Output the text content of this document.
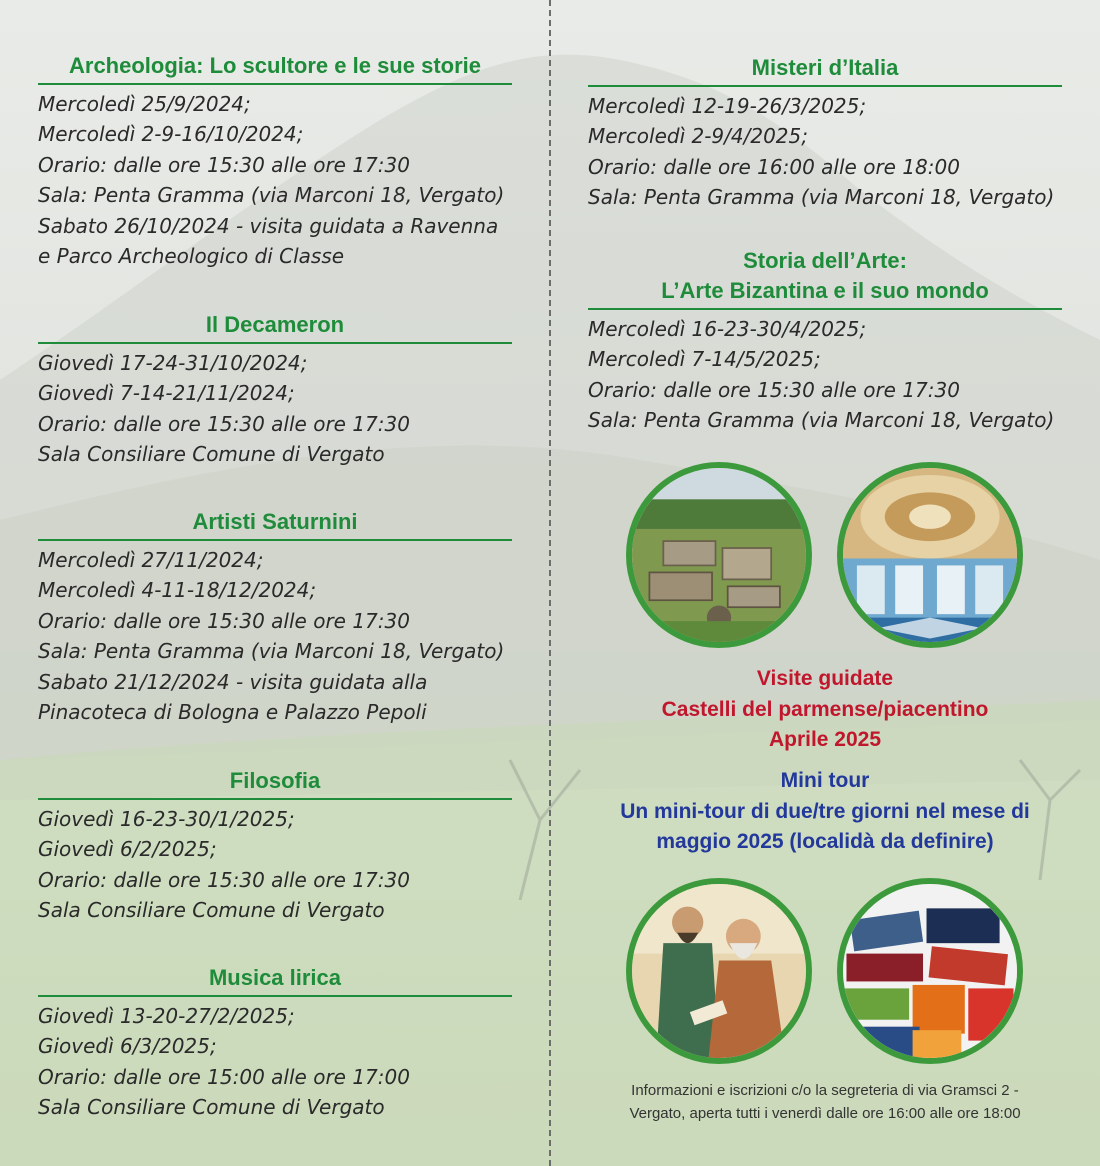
Archeologia: Lo scultore e le sue storie
Mercoledì 25/9/2024;
Mercoledì 2-9-16/10/2024;
Orario: dalle ore 15:30 alle ore 17:30
Sala: Penta Gramma (via Marconi 18, Vergato)
Sabato 26/10/2024 - visita guidata a Ravenna
e Parco Archeologico di Classe
Il Decameron
Giovedì 17-24-31/10/2024;
Giovedì 7-14-21/11/2024;
Orario: dalle ore 15:30 alle ore 17:30
Sala Consiliare Comune di Vergato
Artisti Saturnini
Mercoledì 27/11/2024;
Mercoledì 4-11-18/12/2024;
Orario: dalle ore 15:30 alle ore 17:30
Sala: Penta Gramma (via Marconi 18, Vergato)
Sabato 21/12/2024 - visita guidata alla
Pinacoteca di Bologna e Palazzo Pepoli
Filosofia
Giovedì 16-23-30/1/2025;
Giovedì 6/2/2025;
Orario: dalle ore 15:30 alle ore 17:30
Sala Consiliare Comune di Vergato
Musica lirica
Giovedì 13-20-27/2/2025;
Giovedì 6/3/2025;
Orario: dalle ore 15:00 alle ore 17:00
Sala Consiliare Comune di Vergato
Misteri d’Italia
Mercoledì 12-19-26/3/2025;
Mercoledì 2-9/4/2025;
Orario: dalle ore 16:00 alle ore 18:00
Sala: Penta Gramma (via Marconi 18, Vergato)
Storia dell’Arte:
L’Arte Bizantina e il suo mondo
Mercoledì 16-23-30/4/2025;
Mercoledì 7-14/5/2025;
Orario: dalle ore 15:30 alle ore 17:30
Sala: Penta Gramma (via Marconi 18, Vergato)
Visite guidate
Castelli del parmense/piacentino
Aprile 2025
Mini tour
Un mini-tour di due/tre giorni nel mese di
maggio 2025 (localidà da definire)
Informazioni e iscrizioni c/o la segreteria di via Gramsci 2 -
Vergato, aperta tutti i venerdì dalle ore 16:00 alle ore 18:00
